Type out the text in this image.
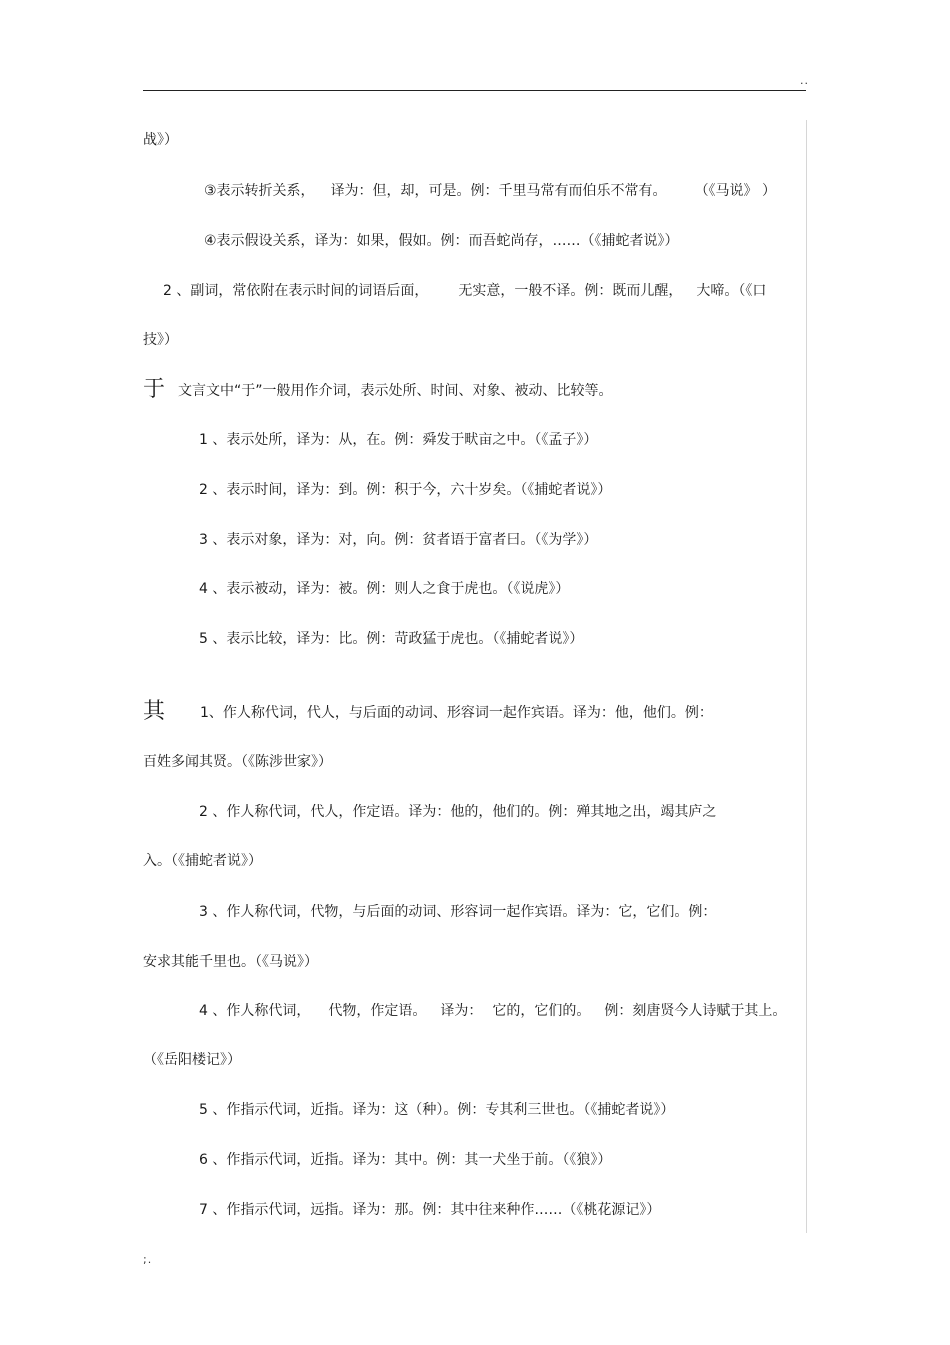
..
战》）
③表示转折关系， 译为：但，却，可是。例：千里马常有而伯乐不常有。 （《马说》 ）
④表示假设关系，译为：如果，假如。例：而吾蛇尚存，……（《捕蛇者说》）
2 、副词，常依附在表示时间的词语后面， 无实意，一般不译。例：既而儿醒， 大啼。（《口
技》）
于 文言文中“于”一般用作介词，表示处所、时间、对象、被动、比较等。
1 、表示处所，译为：从，在。例：舜发于畎亩之中。（《孟子》）
2 、表示时间，译为：到。例：积于今，六十岁矣。（《捕蛇者说》）
3 、表示对象，译为：对，向。例：贫者语于富者曰。（《为学》）
4 、表示被动，译为：被。例：则人之食于虎也。（《说虎》）
5 、表示比较，译为：比。例：苛政猛于虎也。（《捕蛇者说》）
其 1、作人称代词，代人，与后面的动词、形容词一起作宾语。译为：他，他们。例：
百姓多闻其贤。（《陈涉世家》）
2 、作人称代词，代人，作定语。译为：他的，他们的。例：殚其地之出，竭其庐之
入。（《捕蛇者说》）
3 、作人称代词，代物，与后面的动词、形容词一起作宾语。译为：它，它们。例：
安求其能千里也。（《马说》）
4 、作人称代词， 代物，作定语。 译为： 它的，它们的。 例：刻唐贤今人诗赋于其上。
（《岳阳楼记》）
5 、作指示代词，近指。译为：这（种）。例：专其利三世也。（《捕蛇者说》）
6 、作指示代词，近指。译为：其中。例：其一犬坐于前。（《狼》）
7 、作指示代词，远指。译为：那。例：其中往来种作……（《桃花源记》）
;.
